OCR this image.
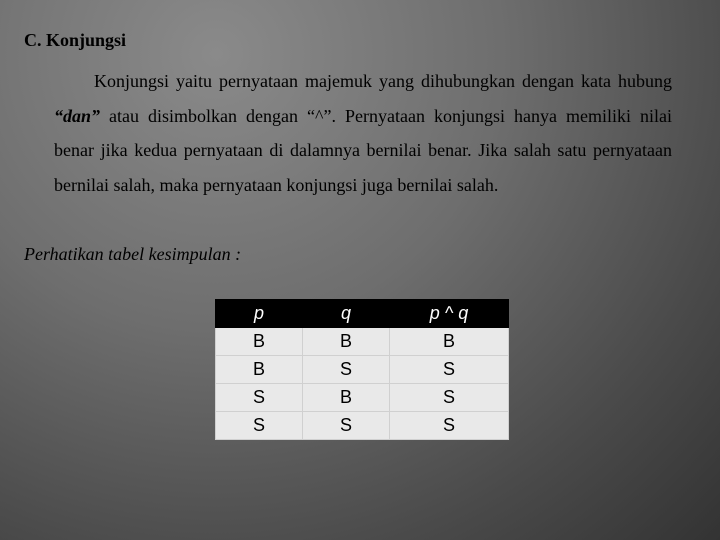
C. Konjungsi
Konjungsi yaitu pernyataan majemuk yang dihubungkan dengan kata hubung “dan” atau disimbolkan dengan “^”. Pernyataan konjungsi hanya memiliki nilai benar jika kedua pernyataan di dalamnya bernilai benar. Jika salah satu pernyataan bernilai salah, maka pernyataan konjungsi juga bernilai salah.
Perhatikan tabel kesimpulan :
p	q	p ^ q
B	B	B
B	S	S
S	B	S
S	S	S
